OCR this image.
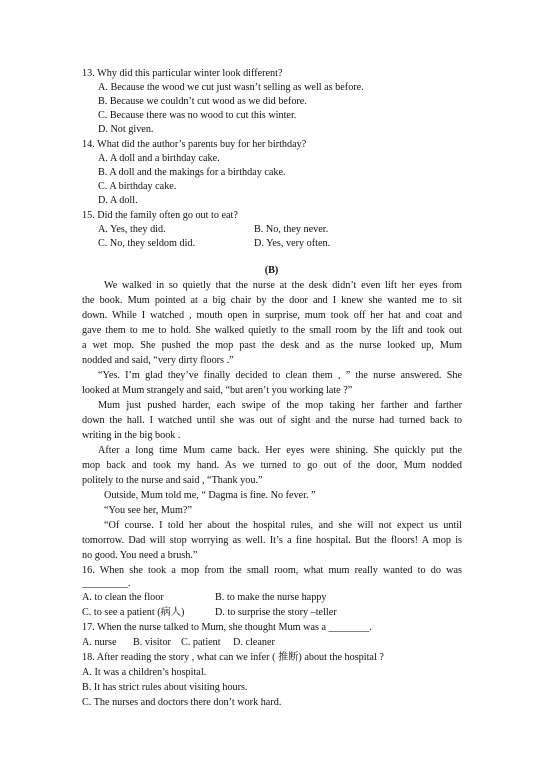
13. Why did this particular winter look different?
A. Because the wood we cut just wasn’t selling as well as before.
B. Because we couldn’t cut wood as we did before.
C. Because there was no wood to cut this winter.
D. Not given.
14. What did the author’s parents buy for her birthday?
A. A doll and a birthday cake.
B. A doll and the makings for a birthday cake.
C. A birthday cake.
D. A doll.
15. Did the family often go out to eat?
A. Yes, they did.	B. No, they never.
C. No, they seldom did.	D. Yes, very often.
(B)
We walked in so quietly that the nurse at the desk didn’t even lift her eyes from
the book. Mum pointed at a big chair by the door and I knew she wanted me to sit
down. While I watched , mouth open in surprise, mum took off her hat and coat and
gave them to me to hold. She walked quietly to the small room by the lift and took out
a wet mop. She pushed the mop past the desk and as the nurse looked up, Mum
nodded and said, “very dirty floors .”
“Yes. I’m glad they’ve finally decided to clean them , ” the nurse answered. She
looked at Mum strangely and said, “but aren’t you working late ?”
Mum just pushed harder, each swipe of the mop taking her farther and farther
down the hall. I watched until she was out of sight and the nurse had turned back to
writing in the big book .
After a long time Mum came back. Her eyes were shining. She quickly put the
mop back and took my hand. As we turned to go out of the door, Mum nodded
politely to the nurse and said , “Thank you.”
Outside, Mum told me, “ Dagma is fine. No fever. ”
“You see her, Mum?”
“Of course. I told her about the hospital rules, and she will not expect us until
tomorrow. Dad will stop worrying as well. It’s a fine hospital. But the floors! A mop is
no good. You need a brush.”
16. When she took a mop from the small room, what mum really wanted to do was
_________.
A. to clean the floor	B. to make the nurse happy
C. to see a patient (病人)	D. to surprise the story –teller
17. When the nurse talked to Mum, she thought Mum was a ________.
A. nurse B. visitor C. patient D. cleaner
18. After reading the story , what can we infer ( 推断) about the hospital ?
A. It was a children’s hospital.
B. It has strict rules about visiting hours.
C. The nurses and doctors there don’t work hard.
